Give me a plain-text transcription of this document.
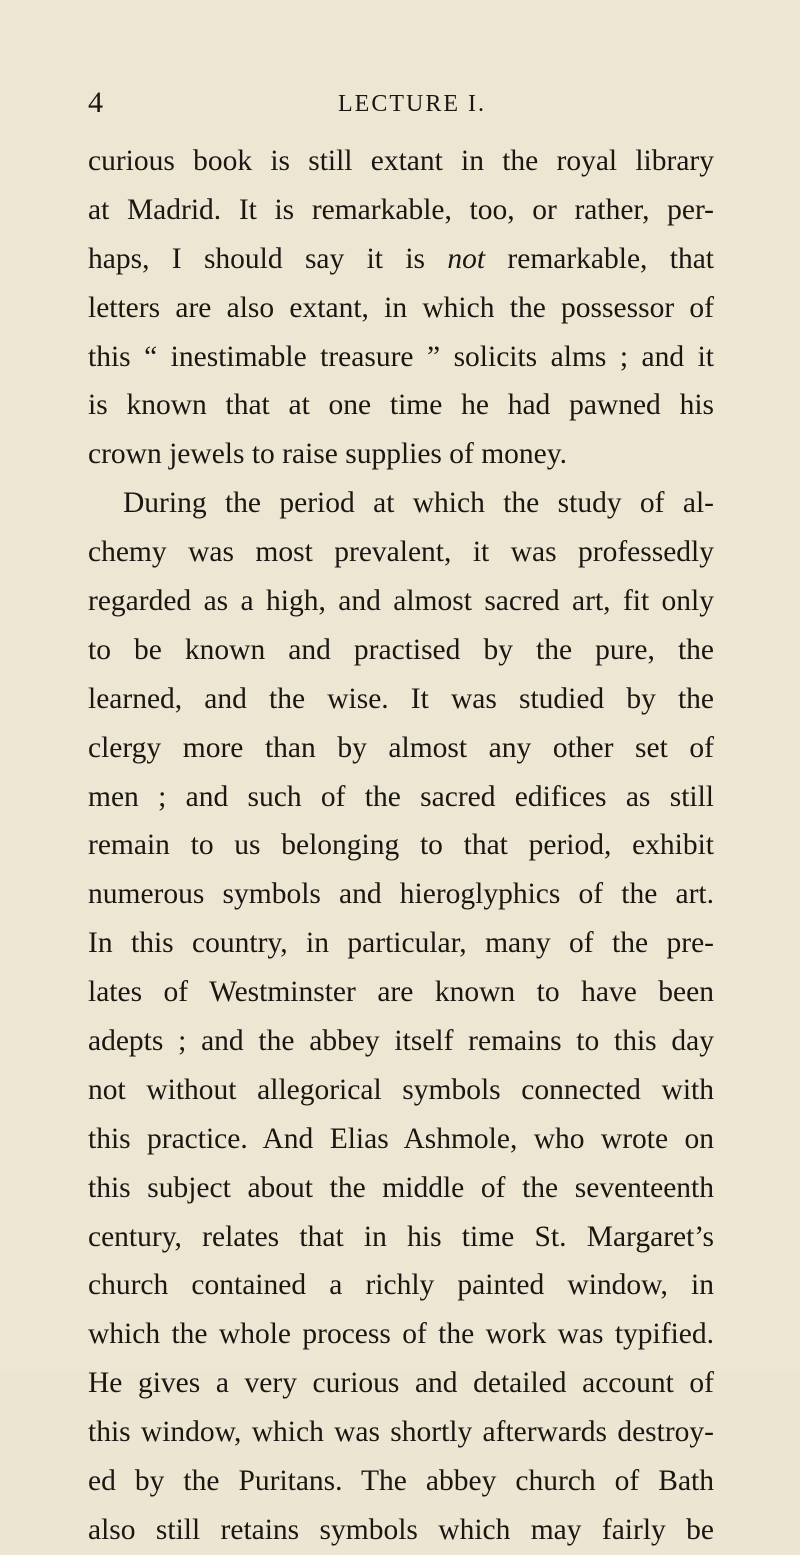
4	LECTURE I.
curious book is still extant in the royal library
at Madrid. It is remarkable, too, or rather, per-
haps, I should say it is not remarkable, that
letters are also extant, in which the possessor of
this “ inestimable treasure ” solicits alms ; and it
is known that at one time he had pawned his
crown jewels to raise supplies of money.
During the period at which the study of al-
chemy was most prevalent, it was professedly
regarded as a high, and almost sacred art, fit only
to be known and practised by the pure, the
learned, and the wise. It was studied by the
clergy more than by almost any other set of
men ; and such of the sacred edifices as still
remain to us belonging to that period, exhibit
numerous symbols and hieroglyphics of the art.
In this country, in particular, many of the pre-
lates of Westminster are known to have been
adepts ; and the abbey itself remains to this day
not without allegorical symbols connected with
this practice. And Elias Ashmole, who wrote on
this subject about the middle of the seventeenth
century, relates that in his time St. Margaret’s
church contained a richly painted window, in
which the whole process of the work was typified.
He gives a very curious and detailed account of
this window, which was shortly afterwards destroy-
ed by the Puritans. The abbey church of Bath
also still retains symbols which may fairly be
